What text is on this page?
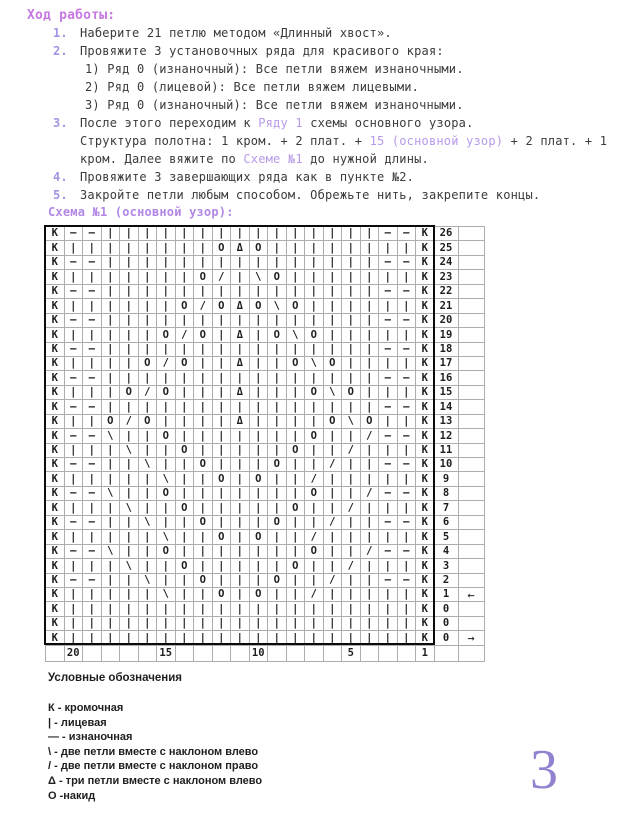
Ход работы:
1. Наберите 21 петлю методом «Длинный хвост».
2. Провяжите 3 установочных ряда для красивого края:
1) Ряд 0 (изнаночный): Все петли вяжем изнаночными.
2) Ряд 0 (лицевой): Все петли вяжем лицевыми.
3) Ряд 0 (изнаночный): Все петли вяжем изнаночными.
3. После этого переходим к Ряду 1 схемы основного узора.
Структура полотна: 1 кром. + 2 плат. + 15 (основной узор) + 2 плат. + 1
кром. Далее вяжите по Схеме №1 до нужной длины.
4. Провяжите 3 завершающих ряда как в пункте №2.
5. Закройте петли любым способом. Обрежьте нить, закрепите концы.
Схема №1 (основной узор):
К	—	—	|	|	|	|	|	|	|	|	|	|	|	|	|	|	|	—	—	К	26
К	|	|	|	|	|	|	|	|	O	Δ	O	|	|	|	|	|	|	|	|	К	25
К	—	—	|	|	|	|	|	|	|	|	|	|	|	|	|	|	|	—	—	К	24
К	|	|	|	|	|	|	|	O	/	|	\	O	|	|	|	|	|	|	|	К	23
К	—	—	|	|	|	|	|	|	|	|	|	|	|	|	|	|	|	—	—	К	22
К	|	|	|	|	|	|	O	/	O	Δ	O	\	O	|	|	|	|	|	|	К	21
К	—	—	|	|	|	|	|	|	|	|	|	|	|	|	|	|	|	—	—	К	20
К	|	|	|	|	|	O	/	O	|	Δ	|	O	\	O	|	|	|	|	|	К	19
К	—	—	|	|	|	|	|	|	|	|	|	|	|	|	|	|	|	—	—	К	18
К	|	|	|	|	O	/	O	|	|	Δ	|	|	O	\	O	|	|	|	|	К	17
К	—	—	|	|	|	|	|	|	|	|	|	|	|	|	|	|	|	—	—	К	16
К	|	|	|	O	/	O	|	|	|	Δ	|	|	|	O	\	O	|	|	|	К	15
К	—	—	|	|	|	|	|	|	|	|	|	|	|	|	|	|	|	—	—	К	14
К	|	|	O	/	O	|	|	|	|	Δ	|	|	|	|	O	\	O	|	|	К	13
К	—	—	\	|	|	O	|	|	|	|	|	|	|	O	|	|	/	—	—	К	12
К	|	|	|	\	|	|	O	|	|	|	|	|	O	|	|	/	|	|	|	К	11
К	—	—	|	|	\	|	|	O	|	|	|	O	|	|	/	|	|	—	—	К	10
К	|	|	|	|	|	\	|	|	O	|	O	|	|	/	|	|	|	|	|	К	9
К	—	—	\	|	|	O	|	|	|	|	|	|	|	O	|	|	/	—	—	К	8
К	|	|	|	\	|	|	O	|	|	|	|	|	O	|	|	/	|	|	|	К	7
К	—	—	|	|	\	|	|	O	|	|	|	O	|	|	/	|	|	—	—	К	6
К	|	|	|	|	|	\	|	|	O	|	O	|	|	/	|	|	|	|	|	К	5
К	—	—	\	|	|	O	|	|	|	|	|	|	|	O	|	|	/	—	—	К	4
К	|	|	|	\	|	|	O	|	|	|	|	|	O	|	|	/	|	|	|	К	3
К	—	—	|	|	\	|	|	O	|	|	|	O	|	|	/	|	|	—	—	К	2
К	|	|	|	|	|	\	|	|	O	|	O	|	|	/	|	|	|	|	|	К	1	←
К	|	|	|	|	|	|	|	|	|	|	|	|	|	|	|	|	|	|	|	К	0
К	|	|	|	|	|	|	|	|	|	|	|	|	|	|	|	|	|	|	|	К	0
К	|	|	|	|	|	|	|	|	|	|	|	|	|	|	|	|	|	|	|	К	0	→
20	15	10	5	1
Условные обозначения
К - кромочная
| - лицевая
— - изнаночная
\ - две петли вместе с наклоном влево
/ - две петли вместе с наклоном право
Δ - три петли вместе с наклоном влево
О -накид	3
